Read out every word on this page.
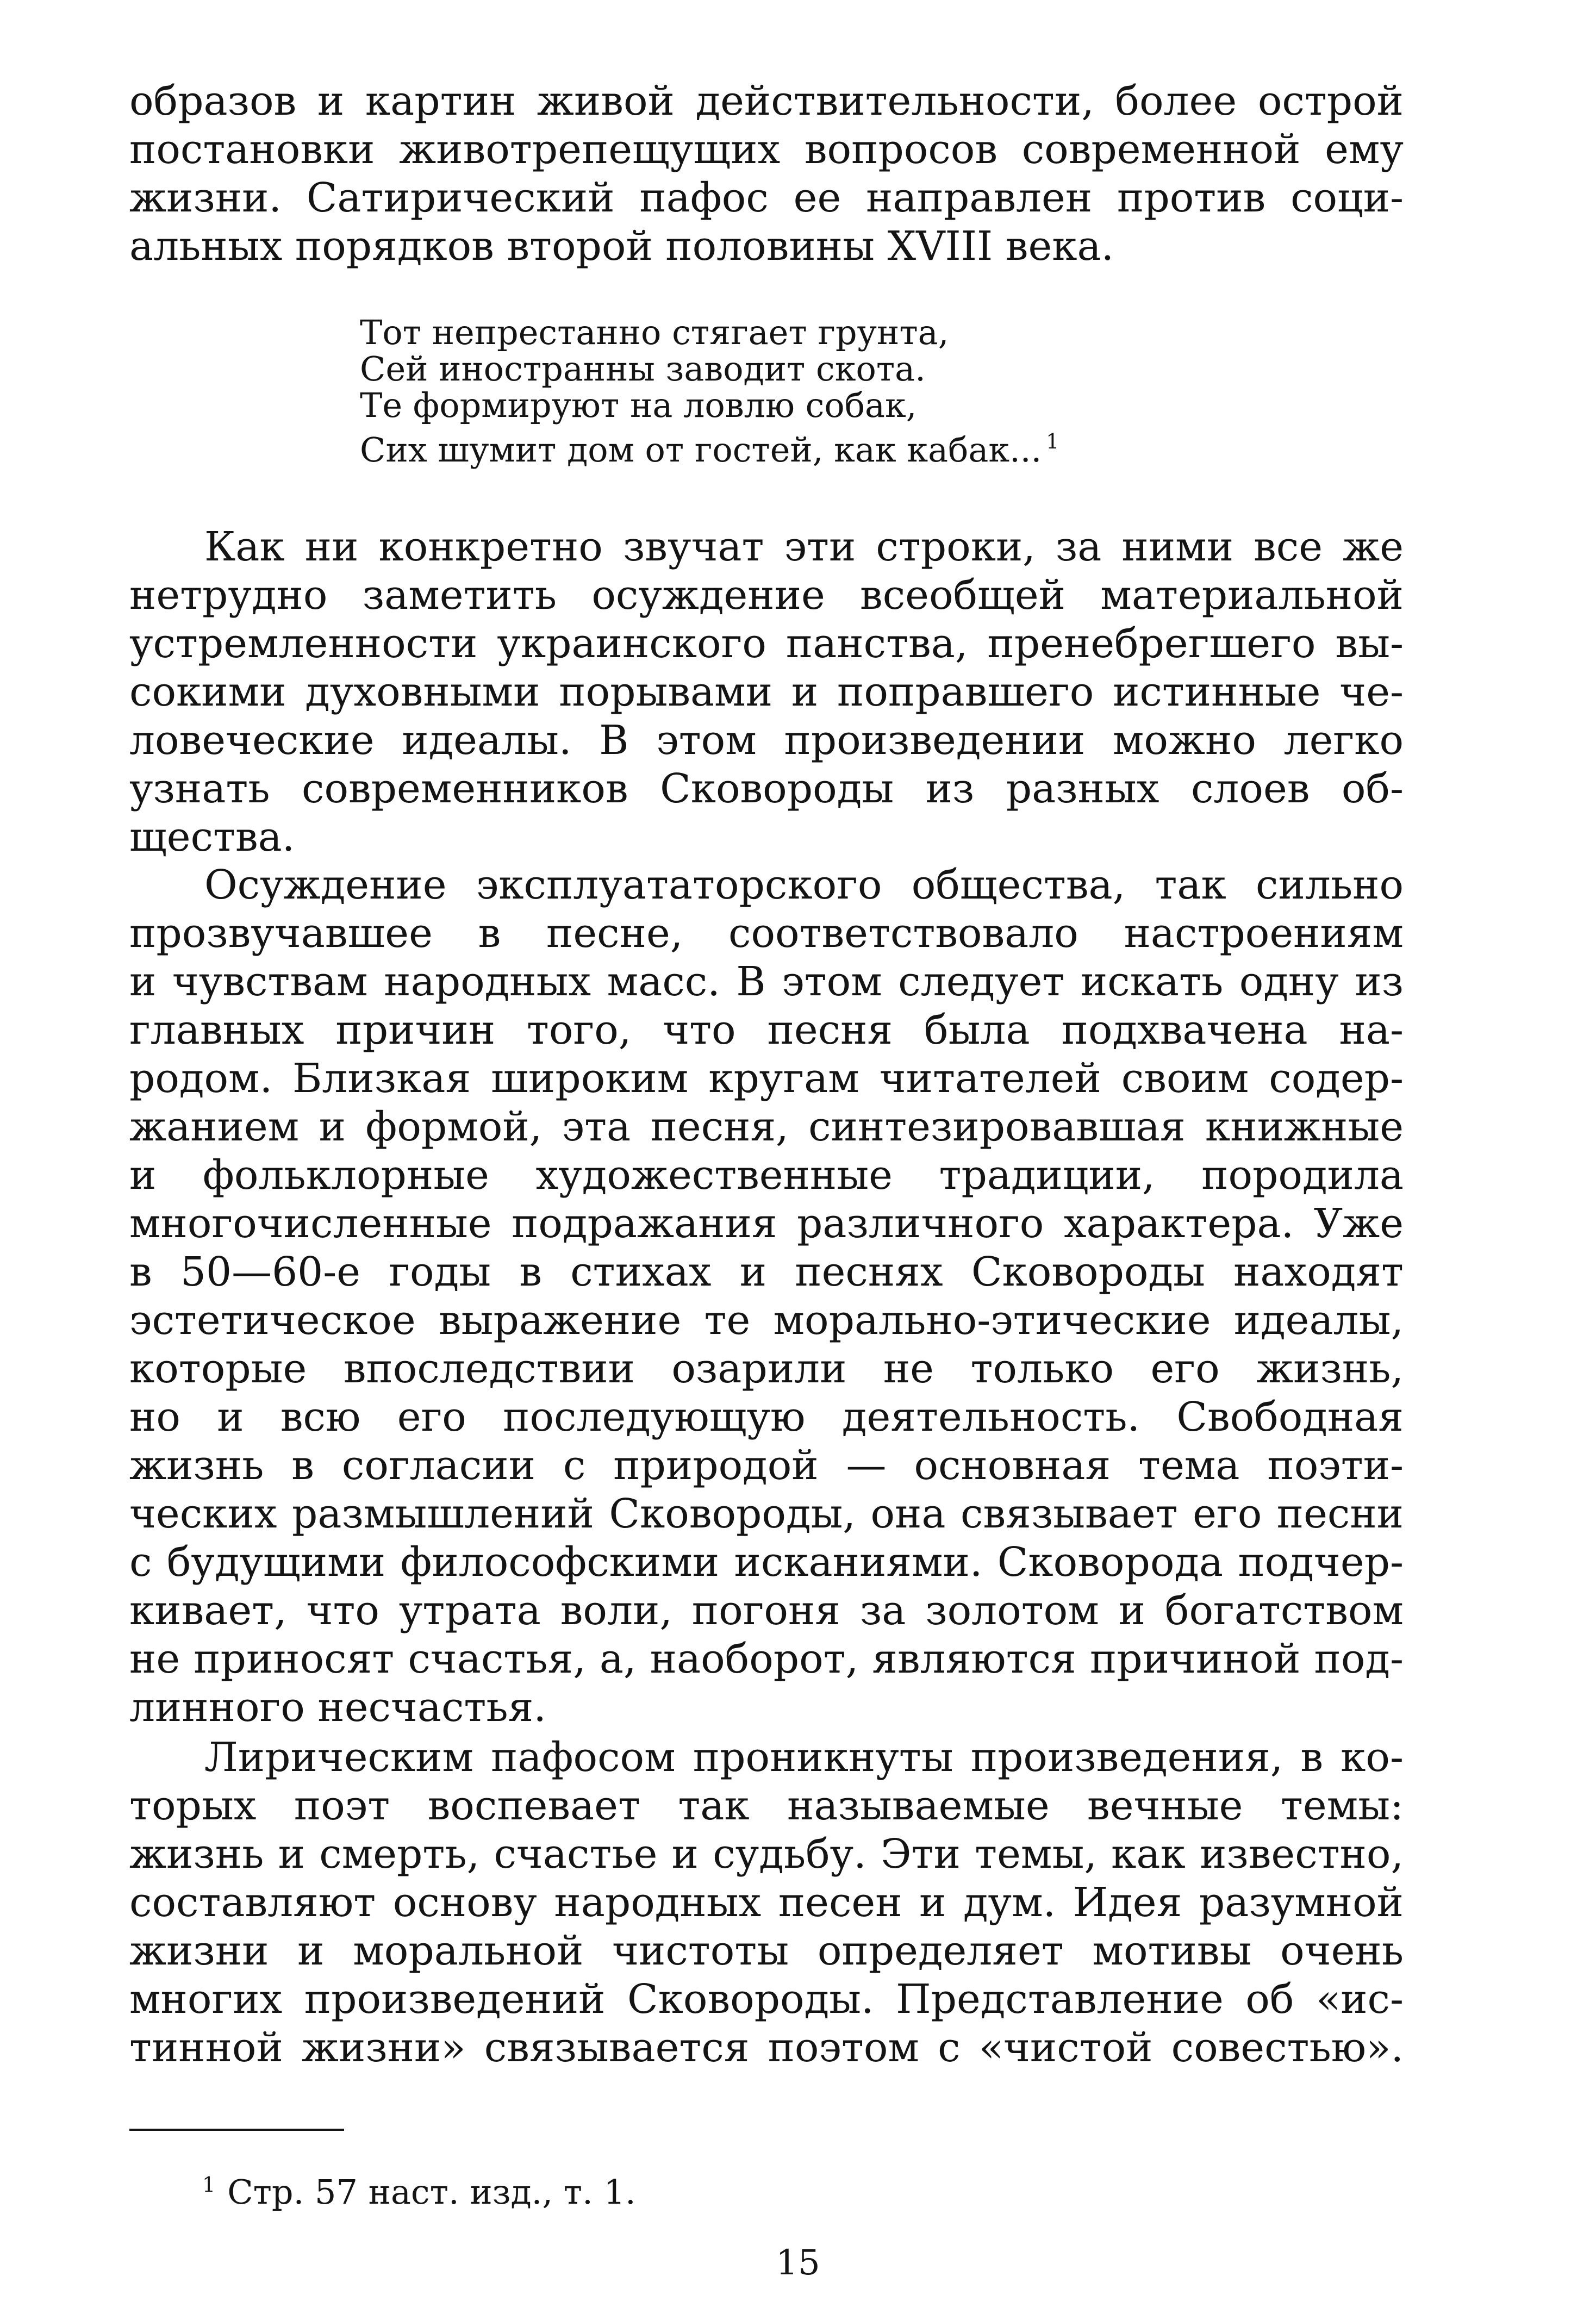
образов и картин живой действительности, более острой
постановки животрепещущих вопросов современной ему
жизни. Сатирический пафос ее направлен против соци-
альных порядков второй половины XVIII века.
Тот непрестанно стягает грунта,
Сей иностранны заводит скота.
Те формируют на ловлю собак,
Сих шумит дом от гостей, как кабак... $^1$
Как ни конкретно звучат эти строки, за ними все же
нетрудно заметить осуждение всеобщей материальной
устремленности украинского панства, пренебрегшего вы-
сокими духовными порывами и поправшего истинные че-
ловеческие идеалы. В этом произведении можно легко
узнать современников Сковороды из разных слоев об-
щества.
Осуждение эксплуататорского общества, так сильно
прозвучавшее в песне, соответствовало настроениям
и чувствам народных масс. В этом следует искать одну из
главных причин того, что песня была подхвачена на-
родом. Близкая широким кругам читателей своим содер-
жанием и формой, эта песня, синтезировавшая книжные
и фольклорные художественные традиции, породила
многочисленные подражания различного характера. Уже
в 50—60-е годы в стихах и песнях Сковороды находят
эстетическое выражение те морально-этические идеалы,
которые впоследствии озарили не только его жизнь,
но и всю его последующую деятельность. Свободная
жизнь в согласии с природой — основная тема поэти-
ческих размышлений Сковороды, она связывает его песни
с будущими философскими исканиями. Сковорода подчер-
кивает, что утрата воли, погоня за золотом и богатством
не приносят счастья, а, наоборот, являются причиной под-
линного несчастья.
Лирическим пафосом проникнуты произведения, в ко-
торых поэт воспевает так называемые вечные темы:
жизнь и смерть, счастье и судьбу. Эти темы, как известно,
составляют основу народных песен и дум. Идея разумной
жизни и моральной чистоты определяет мотивы очень
многих произведений Сковороды. Представление об «ис-
тинной жизни» связывается поэтом с «чистой совестью».
$^1$ Стр. 57 наст. изд., т. 1.
15
